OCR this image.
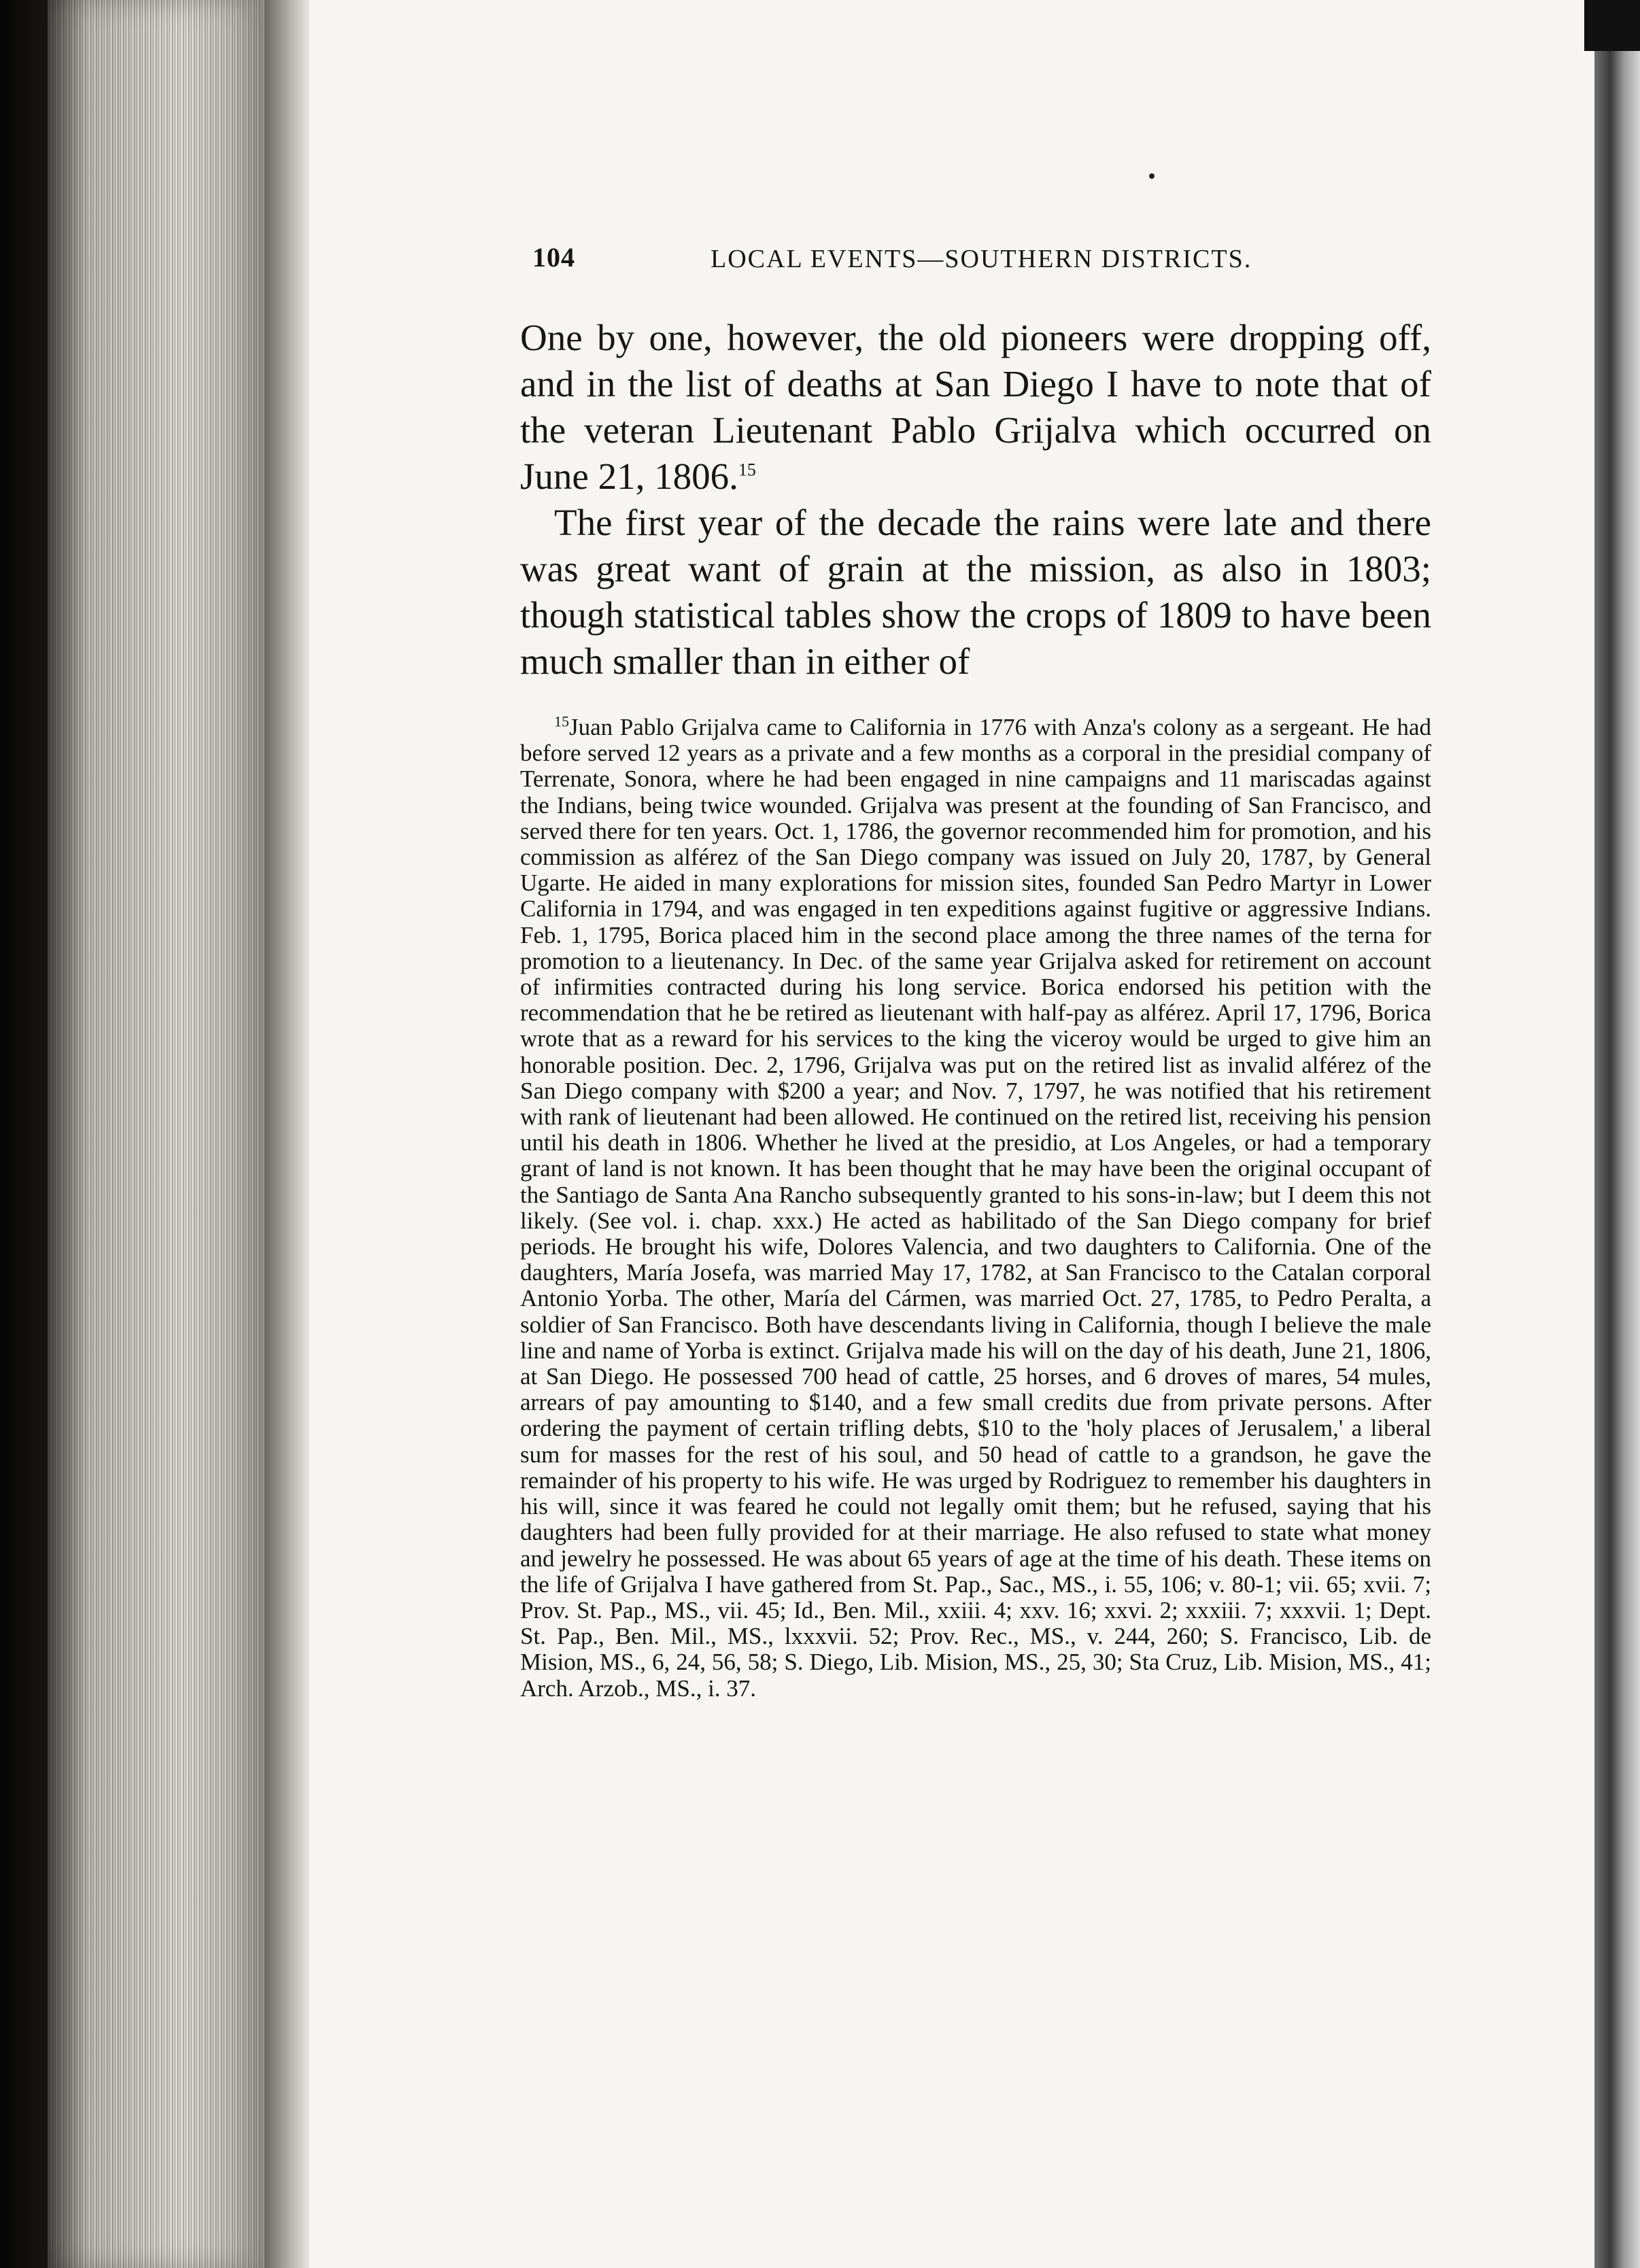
104	LOCAL EVENTS—SOUTHERN DISTRICTS.

One by one, however, the old pioneers were dropping off, and in the list of deaths at San Diego I have to note that of the veteran Lieutenant Pablo Grijalva which occurred on June 21, 1806.15

The first year of the decade the rains were late and there was great want of grain at the mission, as also in 1803; though statistical tables show the crops of 1809 to have been much smaller than in either of

$^{15}$Juan Pablo Grijalva came to California in 1776 with Anza's colony as a sergeant. He had before served 12 years as a private and a few months as a corporal in the presidial company of Terrenate, Sonora, where he had been engaged in nine campaigns and 11 mariscadas against the Indians, being twice wounded. Grijalva was present at the founding of San Francisco, and served there for ten years. Oct. 1, 1786, the governor recommended him for promotion, and his commission as alférez of the San Diego company was issued on July 20, 1787, by General Ugarte. He aided in many explorations for mission sites, founded San Pedro Martyr in Lower California in 1794, and was engaged in ten expeditions against fugitive or aggressive Indians. Feb. 1, 1795, Borica placed him in the second place among the three names of the terna for promotion to a lieutenancy. In Dec. of the same year Grijalva asked for retirement on account of infirmities contracted during his long service. Borica endorsed his petition with the recommendation that he be retired as lieutenant with half-pay as alférez. April 17, 1796, Borica wrote that as a reward for his services to the king the viceroy would be urged to give him an honorable position. Dec. 2, 1796, Grijalva was put on the retired list as invalid alférez of the San Diego company with $200 a year; and Nov. 7, 1797, he was notified that his retirement with rank of lieutenant had been allowed. He continued on the retired list, receiving his pension until his death in 1806. Whether he lived at the presidio, at Los Angeles, or had a temporary grant of land is not known. It has been thought that he may have been the original occupant of the Santiago de Santa Ana Rancho subsequently granted to his sons-in-law; but I deem this not likely. (See vol. i. chap. xxx.) He acted as habilitado of the San Diego company for brief periods. He brought his wife, Dolores Valencia, and two daughters to California. One of the daughters, María Josefa, was married May 17, 1782, at San Francisco to the Catalan corporal Antonio Yorba. The other, María del Cármen, was married Oct. 27, 1785, to Pedro Peralta, a soldier of San Francisco. Both have descendants living in California, though I believe the male line and name of Yorba is extinct. Grijalva made his will on the day of his death, June 21, 1806, at San Diego. He possessed 700 head of cattle, 25 horses, and 6 droves of mares, 54 mules, arrears of pay amounting to $140, and a few small credits due from private persons. After ordering the payment of certain trifling debts, $10 to the 'holy places of Jerusalem,' a liberal sum for masses for the rest of his soul, and 50 head of cattle to a grandson, he gave the remainder of his property to his wife. He was urged by Rodriguez to remember his daughters in his will, since it was feared he could not legally omit them; but he refused, saying that his daughters had been fully provided for at their marriage. He also refused to state what money and jewelry he possessed. He was about 65 years of age at the time of his death. These items on the life of Grijalva I have gathered from St. Pap., Sac., MS., i. 55, 106; v. 80-1; vii. 65; xvii. 7; Prov. St. Pap., MS., vii. 45; Id., Ben. Mil., xxiii. 4; xxv. 16; xxvi. 2; xxxiii. 7; xxxvii. 1; Dept. St. Pap., Ben. Mil., MS., lxxxvii. 52; Prov. Rec., MS., v. 244, 260; S. Francisco, Lib. de Mision, MS., 6, 24, 56, 58; S. Diego, Lib. Mision, MS., 25, 30; Sta Cruz, Lib. Mision, MS., 41; Arch. Arzob., MS., i. 37.
